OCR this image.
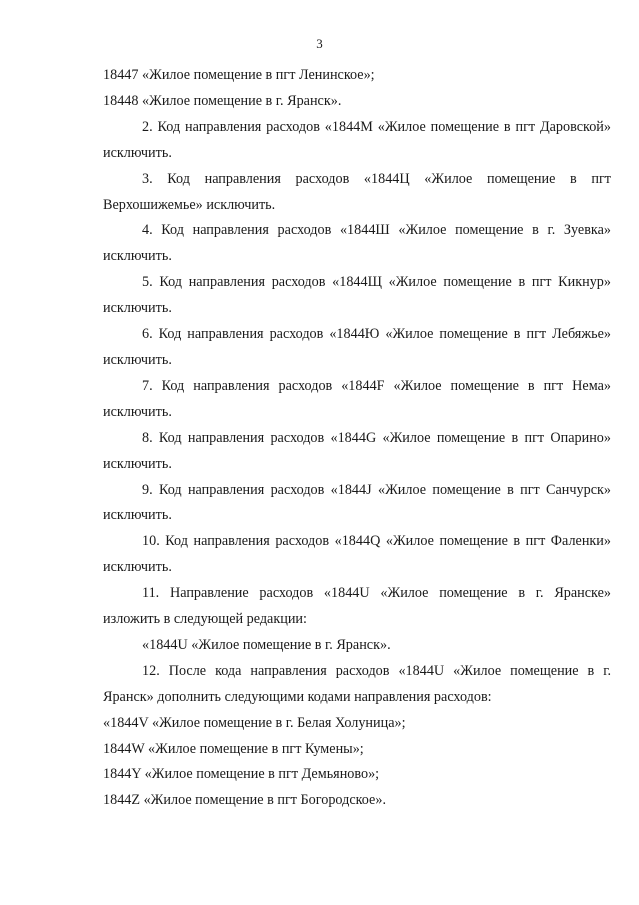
3

18447 «Жилое помещение в пгт Ленинское»;

18448 «Жилое помещение в г. Яранск».

2. Код направления расходов «1844M «Жилое помещение в пгт Даровской» исключить.

3. Код направления расходов «1844Ц «Жилое помещение в пгт Верхошижемье» исключить.

4. Код направления расходов «1844Ш «Жилое помещение в г. Зуевка» исключить.

5. Код направления расходов «1844Щ «Жилое помещение в пгт Кикнур» исключить.

6. Код направления расходов «1844Ю «Жилое помещение в пгт Лебяжье» исключить.

7. Код направления расходов «1844F «Жилое помещение в пгт Нема» исключить.

8. Код направления расходов «1844G «Жилое помещение в пгт Опарино» исключить.

9. Код направления расходов «1844J «Жилое помещение в пгт Санчурск» исключить.

10. Код направления расходов «1844Q «Жилое помещение в пгт Фаленки» исключить.

11. Направление расходов «1844U «Жилое помещение в г. Яранске» изложить в следующей редакции:

«1844U «Жилое помещение в г. Яранск».

12. После кода направления расходов «1844U «Жилое помещение в г. Яранск» дополнить следующими кодами направления расходов:

«1844V «Жилое помещение в г. Белая Холуница»;

1844W «Жилое помещение в пгт Кумены»;

1844Y «Жилое помещение в пгт Демьяново»;

1844Z «Жилое помещение в пгт Богородское».
